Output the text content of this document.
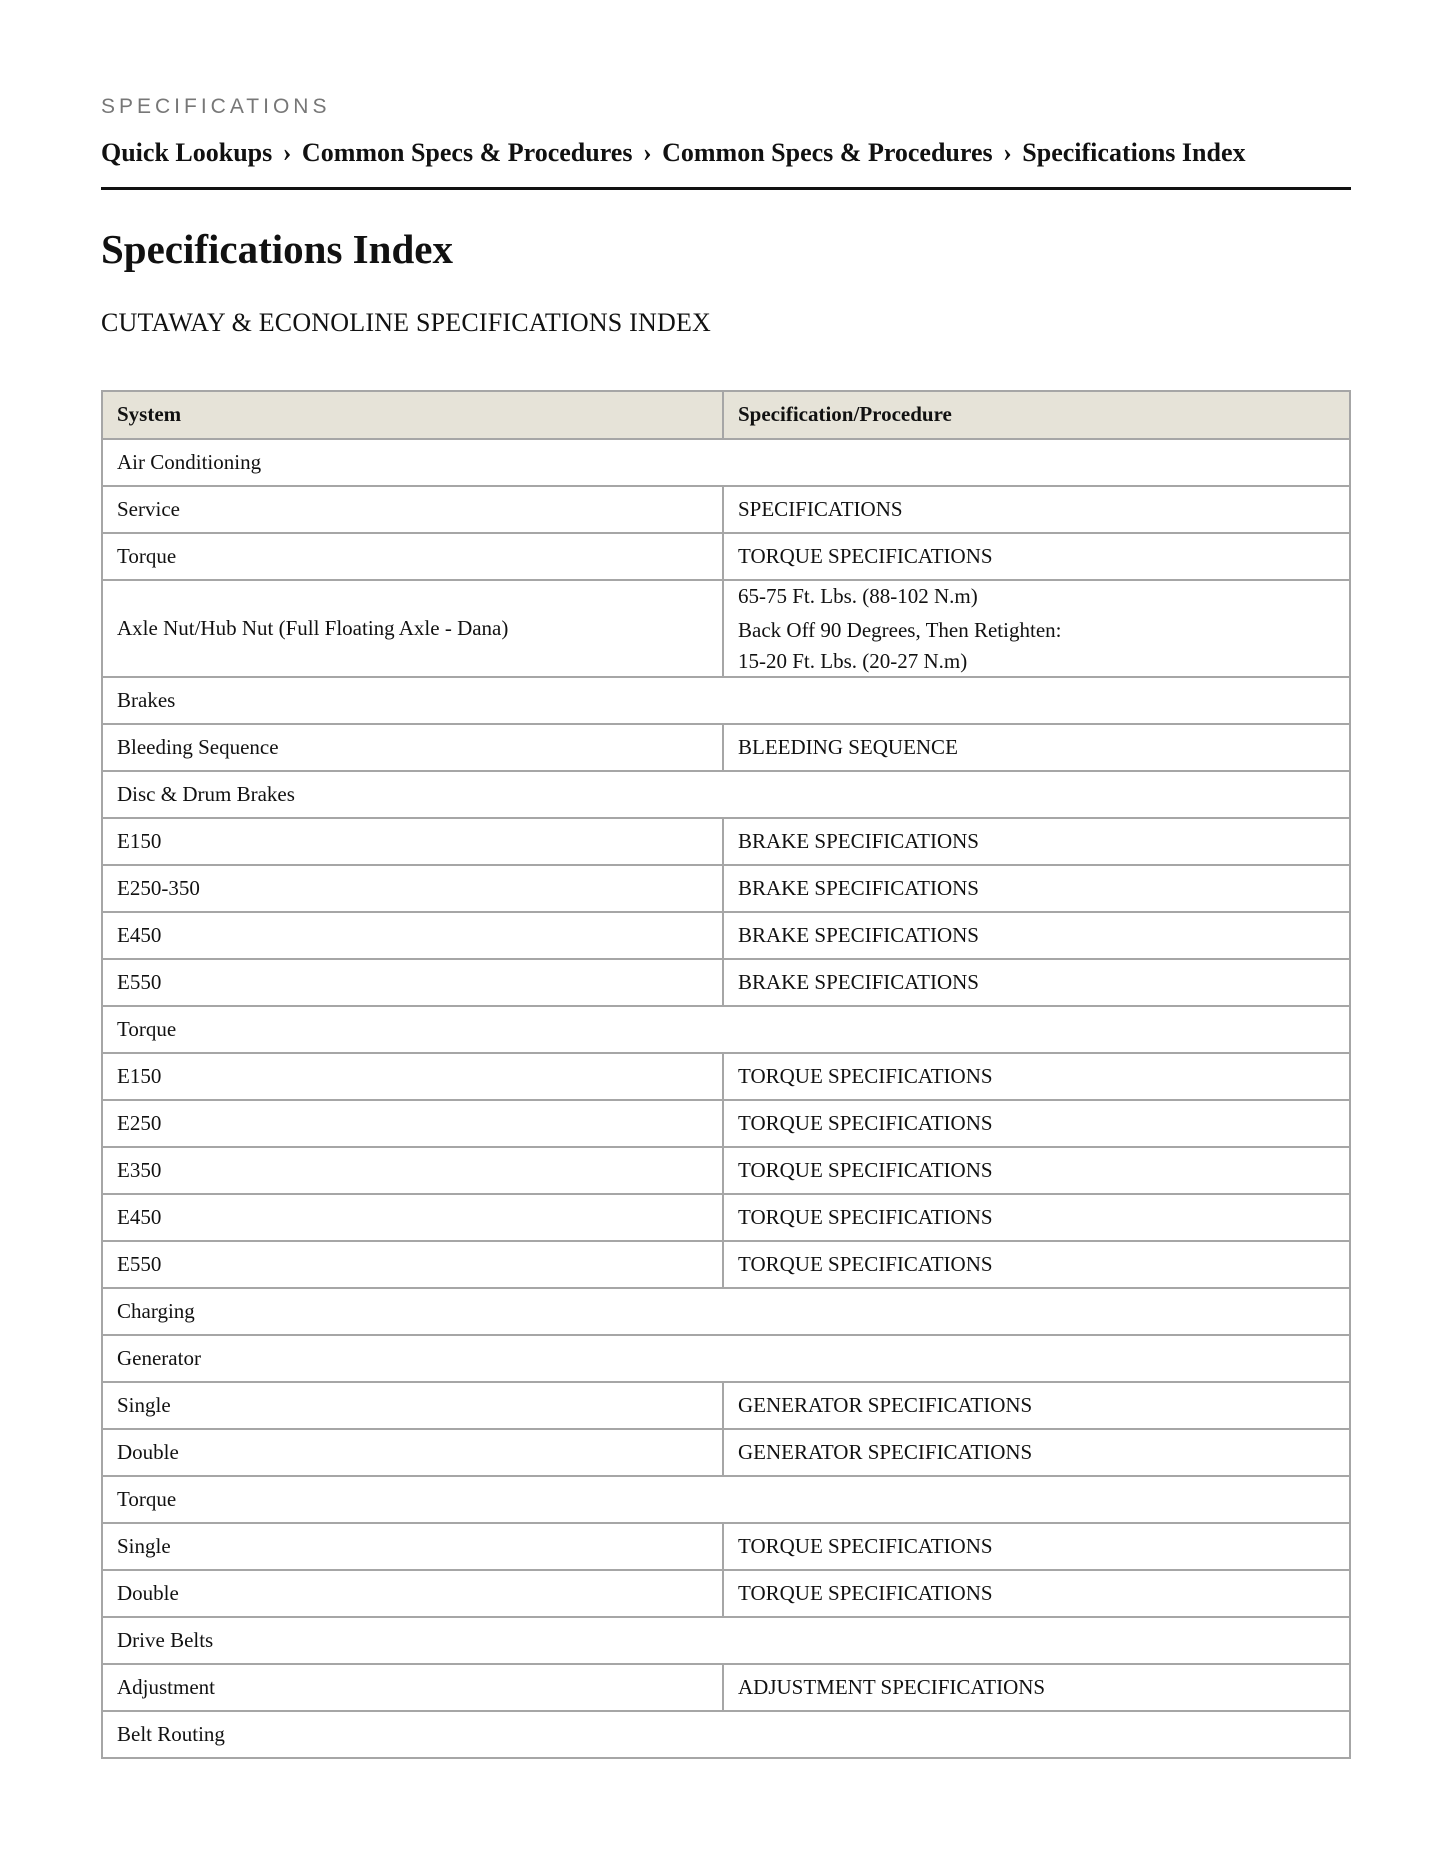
SPECIFICATIONS
Quick Lookups › Common Specs & Procedures › Common Specs & Procedures › Specifications Index
Specifications Index
CUTAWAY & ECONOLINE SPECIFICATIONS INDEX
System	Specification/Procedure
Air Conditioning	
Service	SPECIFICATIONS
Torque	TORQUE SPECIFICATIONS
Axle Nut/Hub Nut (Full Floating Axle - Dana)	65-75 Ft. Lbs. (88-102 N.m)
Back Off 90 Degrees, Then Retighten:
15-20 Ft. Lbs. (20-27 N.m)

Brakes	
Bleeding Sequence	BLEEDING SEQUENCE
Disc & Drum Brakes	
E150	BRAKE SPECIFICATIONS
E250-350	BRAKE SPECIFICATIONS
E450	BRAKE SPECIFICATIONS
E550	BRAKE SPECIFICATIONS
Torque	
E150	TORQUE SPECIFICATIONS
E250	TORQUE SPECIFICATIONS
E350	TORQUE SPECIFICATIONS
E450	TORQUE SPECIFICATIONS
E550	TORQUE SPECIFICATIONS
Charging	
Generator	
Single	GENERATOR SPECIFICATIONS
Double	GENERATOR SPECIFICATIONS
Torque	
Single	TORQUE SPECIFICATIONS
Double	TORQUE SPECIFICATIONS
Drive Belts	
Adjustment	ADJUSTMENT SPECIFICATIONS
Belt Routing	
